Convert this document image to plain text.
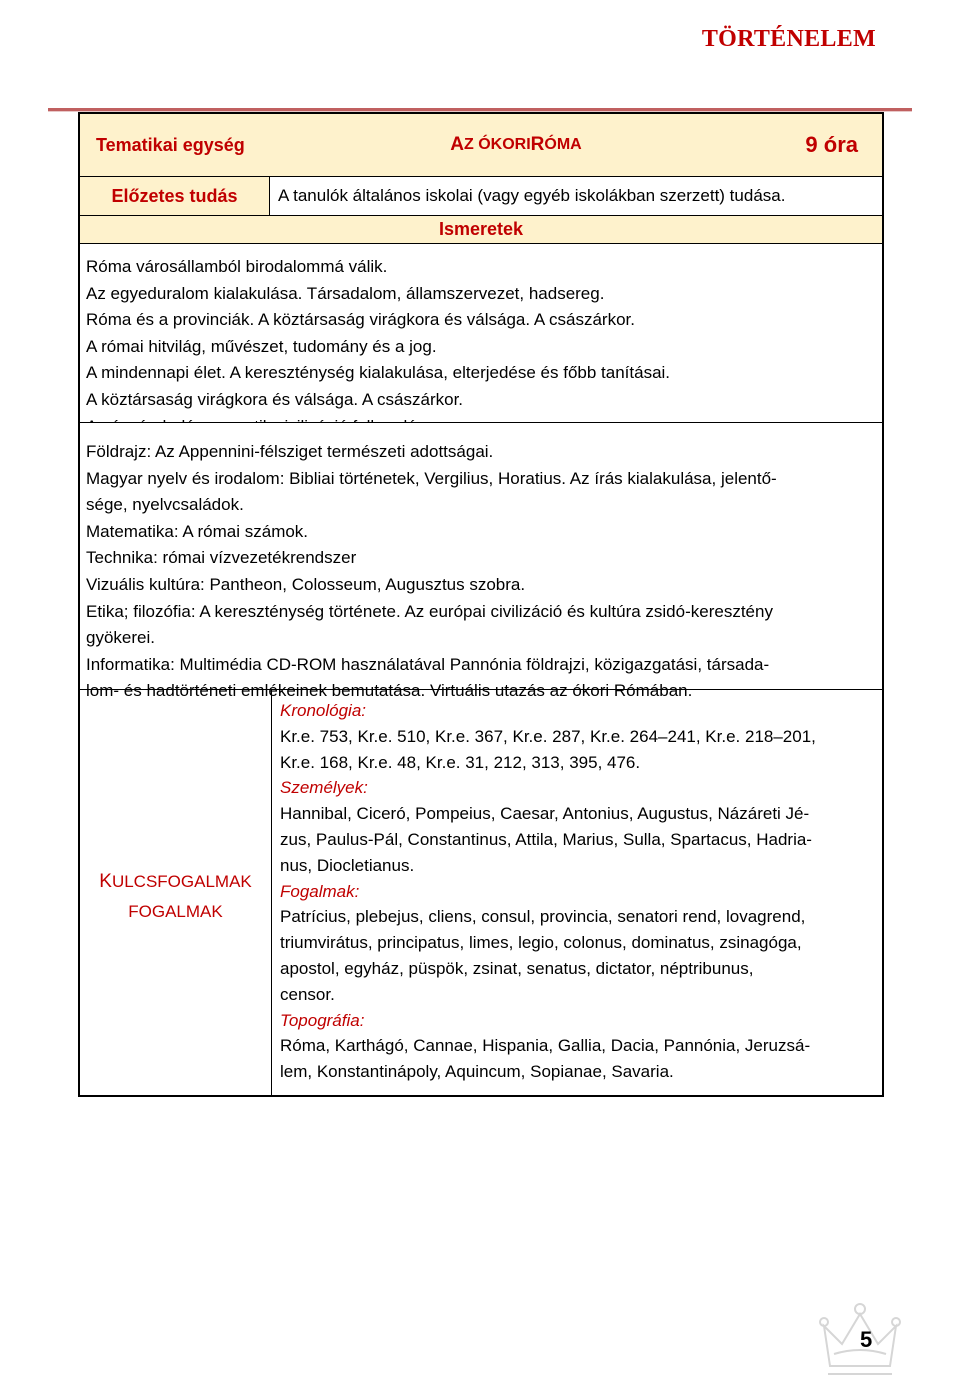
TÖRTÉNELEM
Tematikai egység	A Z ÓKORI R ÓMA	9 óra
Előzetes tudás	A tanulók általános iskolai (vagy egyéb iskolákban szerzett) tudása.
Ismeretek
Róma városállamból birodalommá válik.
Az egyeduralom kialakulása. Társadalom, államszervezet, hadsereg.
Róma és a provinciák. A köztársaság virágkora és válsága. A császárkor.
A római hitvilág, művészet, tudomány és a jog.
A mindennapi élet. A kereszténység kialakulása, elterjedése és főbb tanításai.
A köztársaság virágkora és válsága. A császárkor.
Földrajz: Az Appennini-félsziget természeti adottságai.
Magyar nyelv és irodalom: Bibliai történetek, Vergilius, Horatius. Az írás kialakulása, jelentő-
sége, nyelvcsaládok.
Matematika: A római számok.
Technika: római vízvezetékrendszer
Vizuális kultúra: Pantheon, Colosseum, Augusztus szobra.
Etika; filozófia: A kereszténység története. Az európai civilizáció és kultúra zsidó-keresztény
gyökerei.
Informatika: Multimédia CD-ROM használatával Pannónia földrajzi, közigazgatási, társada-
lom- és hadtörténeti emlékeinek bemutatása. Virtuális utazás az ókori Rómában.
KULCSFOGALMAK
FOGALMAK
Kronológia:
Kr.e. 753, Kr.e. 510, Kr.e. 367, Kr.e. 287, Kr.e. 264–241, Kr.e. 218–201,
Kr.e. 168, Kr.e. 48, Kr.e. 31, 212, 313, 395, 476.
Személyek:
Hannibal, Ciceró, Pompeius, Caesar, Antonius, Augustus, Názáreti Jé-
zus, Paulus-Pál, Constantinus, Attila, Marius, Sulla, Spartacus, Hadria-
nus, Diocletianus.
Fogalmak:
Patrícius, plebejus, cliens, consul, provincia, senatori rend, lovagrend,
triumvirátus, principatus, limes, legio, colonus, dominatus, zsinagóga,
apostol, egyház, püspök, zsinat, senatus, dictator, néptribunus,
censor.
Topográfia:
Róma, Karthágó, Cannae, Hispania, Gallia, Dacia, Pannónia, Jeruzsá-
lem, Konstantinápoly, Aquincum, Sopianae, Savaria.
5
